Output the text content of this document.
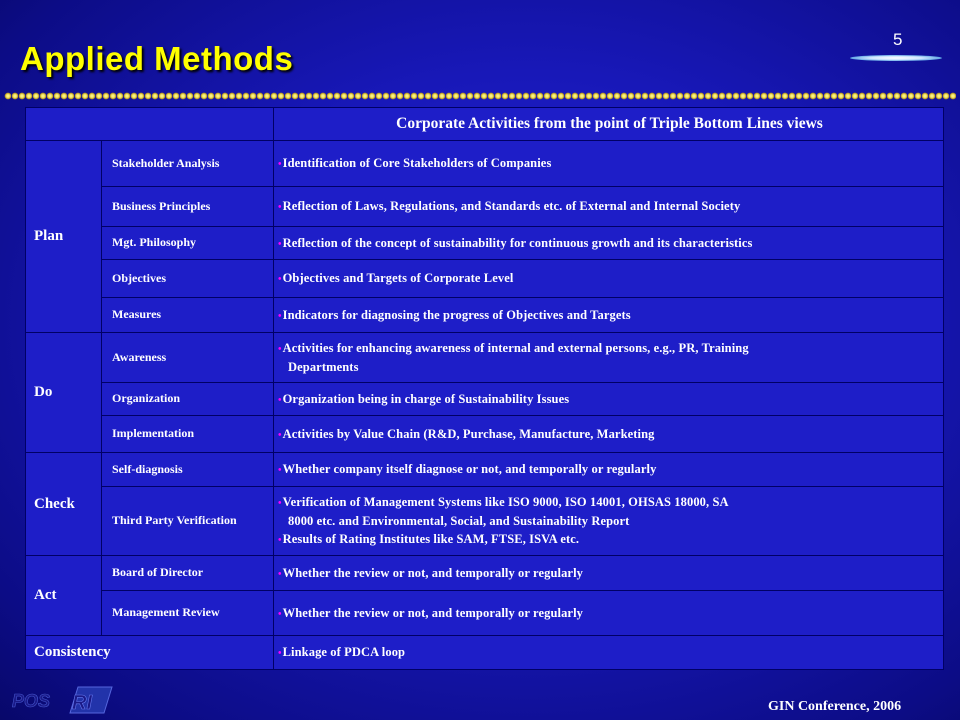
Applied Methods
5
		Corporate Activities from the point of Triple Bottom Lines views
Plan	Stakeholder Analysis	•Identification of Core Stakeholders of Companies
	Business Principles	•Reflection of Laws, Regulations, and Standards etc. of External and Internal Society
	Mgt. Philosophy	•Reflection of the concept of sustainability for continuous growth and its characteristics
	Objectives	•Objectives and Targets of Corporate Level
	Measures	•Indicators for diagnosing the progress of Objectives and Targets
Do	Awareness	•Activities for enhancing awareness of internal and external persons, e.g., PR, Training
Departments
	Organization	•Organization being in charge of Sustainability Issues
	Implementation	•Activities by Value Chain (R&D, Purchase, Manufacture, Marketing
Check	Self-diagnosis	•Whether company itself diagnose or not, and temporally or regularly
	Third Party Verification	•Verification of Management Systems like ISO 9000, ISO 14001, OHSAS 18000, SA
8000 etc. and Environmental, Social, and Sustainability Report
•Results of Rating Institutes like SAM, FTSE, ISVA etc.
Act	Board of Director	•Whether the review or not, and temporally or regularly
	Management Review	•Whether the review or not, and temporally or regularly
Consistency		•Linkage of PDCA loop
POS RI	GIN Conference, 2006
